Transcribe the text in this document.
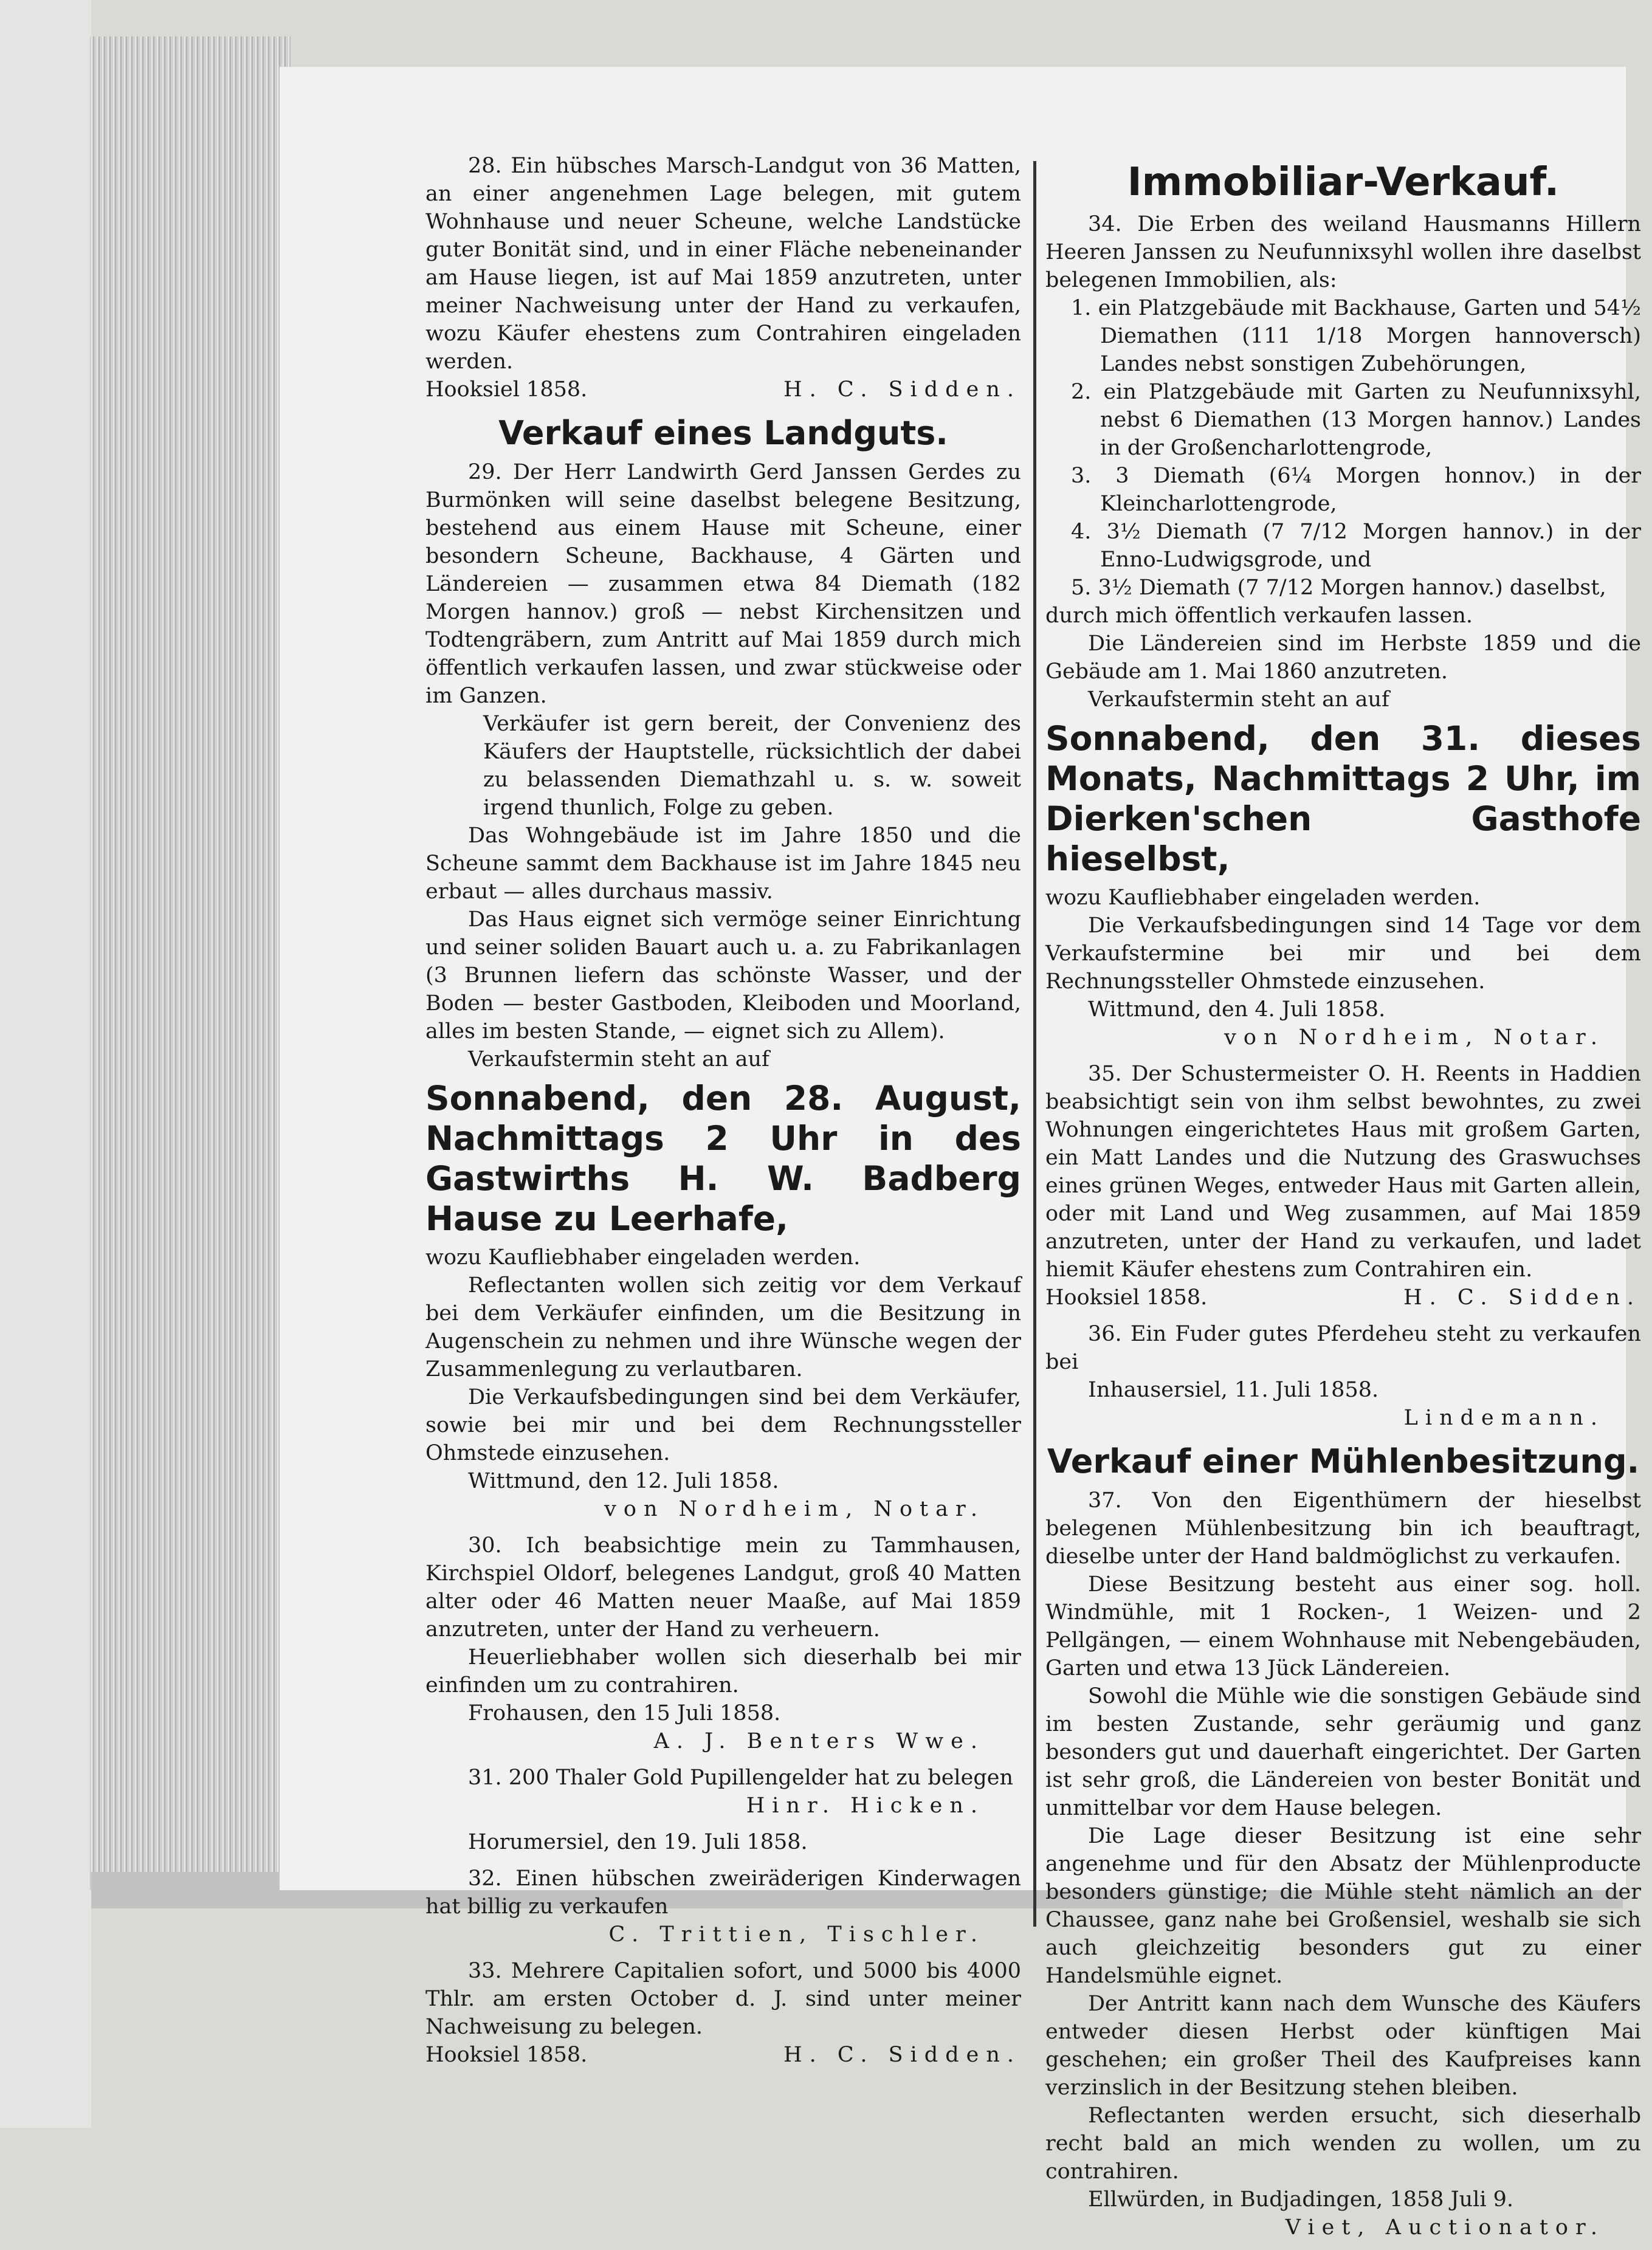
28. Ein hübsches Marsch-Landgut von 36 Matten, an einer angenehmen Lage belegen, mit gutem Wohnhause und neuer Scheune, welche Landstücke guter Bonität sind, und in einer Fläche nebeneinander am Hause liegen, ist auf Mai 1859 anzutreten, unter meiner Nachweisung unter der Hand zu verkaufen, wozu Käufer ehestens zum Contrahiren eingeladen werden.

Hooksiel 1858.	H. C. Sidden.
Verkauf eines Landguts.

29. Der Herr Landwirth Gerd Janssen Gerdes zu Burmönken will seine daselbst belegene Besitzung, bestehend aus einem Hause mit Scheune, einer besondern Scheune, Backhause, 4 Gärten und Ländereien — zusammen etwa 84 Diemath (182 Morgen hannov.) groß — nebst Kirchensitzen und Todtengräbern, zum Antritt auf Mai 1859 durch mich öffentlich verkaufen lassen, und zwar stückweise oder im Ganzen.

Verkäufer ist gern bereit, der Convenienz des Käufers der Hauptstelle, rücksichtlich der dabei zu belassenden Diemathzahl u. s. w. soweit irgend thunlich, Folge zu geben.

Das Wohngebäude ist im Jahre 1850 und die Scheune sammt dem Backhause ist im Jahre 1845 neu erbaut — alles durchaus massiv.

Das Haus eignet sich vermöge seiner Einrichtung und seiner soliden Bauart auch u. a. zu Fabrikanlagen (3 Brunnen liefern das schönste Wasser, und der Boden — bester Gastboden, Kleiboden und Moorland, alles im besten Stande, — eignet sich zu Allem).

Verkaufstermin steht an auf

Sonnabend, den 28. August, Nachmittags 2 Uhr in des Gastwirths H. W. Badberg Hause zu Leerhafe,

wozu Kaufliebhaber eingeladen werden.

Reflectanten wollen sich zeitig vor dem Verkauf bei dem Verkäufer einfinden, um die Besitzung in Augenschein zu nehmen und ihre Wünsche wegen der Zusammenlegung zu verlautbaren.

Die Verkaufsbedingungen sind bei dem Verkäufer, sowie bei mir und bei dem Rechnungssteller Ohmstede einzusehen.

Wittmund, den 12. Juli 1858.

von Nordheim, Notar.

30. Ich beabsichtige mein zu Tammhausen, Kirchspiel Oldorf, belegenes Landgut, groß 40 Matten alter oder 46 Matten neuer Maaße, auf Mai 1859 anzutreten, unter der Hand zu verheuern.

Heuerliebhaber wollen sich dieserhalb bei mir einfinden um zu contrahiren.

Frohausen, den 15 Juli 1858.

A. J. Benters Wwe.

31. 200 Thaler Gold Pupillengelder hat zu belegen

Hinr. Hicken.

Horumersiel, den 19. Juli 1858.

32. Einen hübschen zweiräderigen Kinderwagen hat billig zu verkaufen

C. Trittien, Tischler.

33. Mehrere Capitalien sofort, und 5000 bis 4000 Thlr. am ersten October d. J. sind unter meiner Nachweisung zu belegen.

Hooksiel 1858.	H. C. Sidden.
Immobiliar-Verkauf.

34. Die Erben des weiland Hausmanns Hillern Heeren Janssen zu Neufunnixsyhl wollen ihre daselbst belegenen Immobilien, als:

1. ein Platzgebäude mit Backhause, Garten und 54½ Diemathen (111 1/18 Morgen hannoversch) Landes nebst sonstigen Zubehörungen,

2. ein Platzgebäude mit Garten zu Neufunnixsyhl, nebst 6 Diemathen (13 Morgen hannov.) Landes in der Großencharlottengrode,

3. 3 Diemath (6¼ Morgen honnov.) in der Kleincharlottengrode,

4. 3½ Diemath (7 7/12 Morgen hannov.) in der Enno-Ludwigsgrode, und

5. 3½ Diemath (7 7/12 Morgen hannov.) daselbst,

durch mich öffentlich verkaufen lassen.

Die Ländereien sind im Herbste 1859 und die Gebäude am 1. Mai 1860 anzutreten.

Verkaufstermin steht an auf

Sonnabend, den 31. dieses Monats, Nachmittags 2 Uhr, im Dierken'schen Gasthofe hieselbst,

wozu Kaufliebhaber eingeladen werden.

Die Verkaufsbedingungen sind 14 Tage vor dem Verkaufstermine bei mir und bei dem Rechnungssteller Ohmstede einzusehen.

Wittmund, den 4. Juli 1858.

von Nordheim, Notar.

35. Der Schustermeister O. H. Reents in Haddien beabsichtigt sein von ihm selbst bewohntes, zu zwei Wohnungen eingerichtetes Haus mit großem Garten, ein Matt Landes und die Nutzung des Graswuchses eines grünen Weges, entweder Haus mit Garten allein, oder mit Land und Weg zusammen, auf Mai 1859 anzutreten, unter der Hand zu verkaufen, und ladet hiemit Käufer ehestens zum Contrahiren ein.

Hooksiel 1858.	H. C. Sidden.

36. Ein Fuder gutes Pferdeheu steht zu verkaufen bei

Inhausersiel, 11. Juli 1858.

Lindemann.
Verkauf einer Mühlenbesitzung.

37. Von den Eigenthümern der hieselbst belegenen Mühlenbesitzung bin ich beauftragt, dieselbe unter der Hand baldmöglichst zu verkaufen.

Diese Besitzung besteht aus einer sog. holl. Windmühle, mit 1 Rocken-, 1 Weizen- und 2 Pellgängen, — einem Wohnhause mit Nebengebäuden, Garten und etwa 13 Jück Ländereien.

Sowohl die Mühle wie die sonstigen Gebäude sind im besten Zustande, sehr geräumig und ganz besonders gut und dauerhaft eingerichtet. Der Garten ist sehr groß, die Ländereien von bester Bonität und unmittelbar vor dem Hause belegen.

Die Lage dieser Besitzung ist eine sehr angenehme und für den Absatz der Mühlenproducte besonders günstige; die Mühle steht nämlich an der Chaussee, ganz nahe bei Großensiel, weshalb sie sich auch gleichzeitig besonders gut zu einer Handelsmühle eignet.

Der Antritt kann nach dem Wunsche des Käufers entweder diesen Herbst oder künftigen Mai geschehen; ein großer Theil des Kaufpreises kann verzinslich in der Besitzung stehen bleiben.

Reflectanten werden ersucht, sich dieserhalb recht bald an mich wenden zu wollen, um zu contrahiren.

Ellwürden, in Budjadingen, 1858 Juli 9.

Viet, Auctionator.
